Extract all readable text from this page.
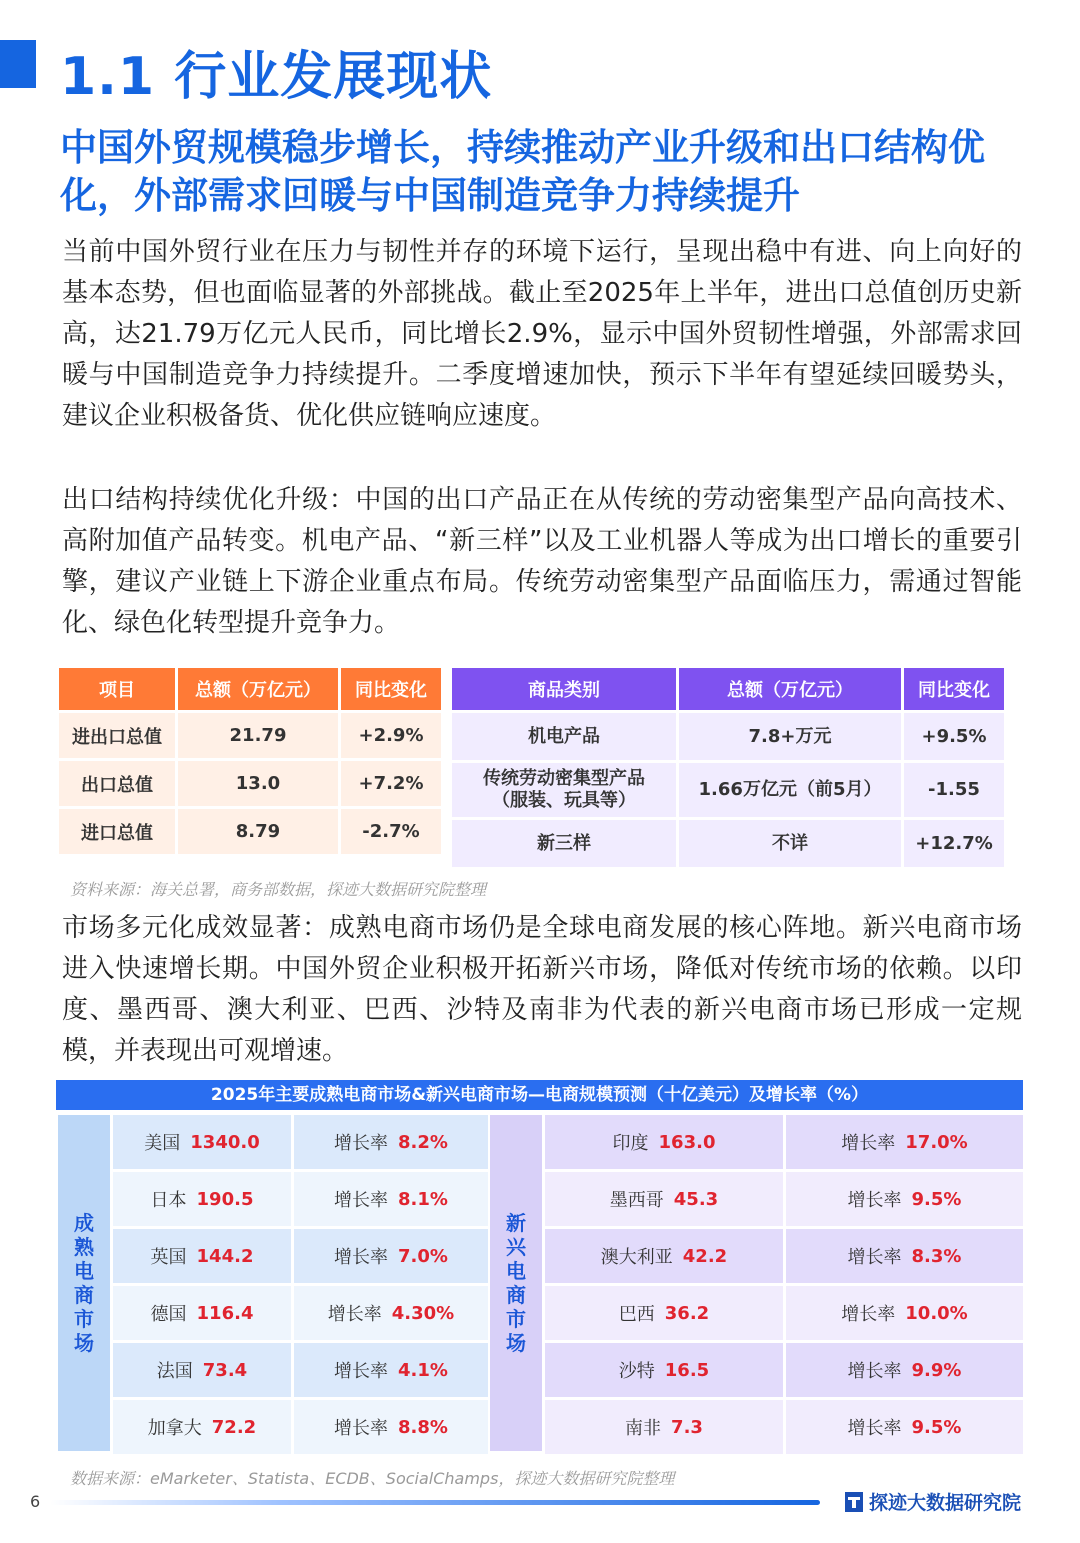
1.1 行业发展现状
中国外贸规模稳步增长，持续推动产业升级和出口结构优化，外部需求回暖与中国制造竞争力持续提升

当前中国外贸行业在压力与韧性并存的环境下运行，呈现出稳中有进、向上向好的基本态势，但也面临显著的外部挑战。截止至2025年上半年，进出口总值创历史新高，达21.79万亿元人民币，同比增长2.9%，显示中国外贸韧性增强，外部需求回暖与中国制造竞争力持续提升。二季度增速加快，预示下半年有望延续回暖势头，建议企业积极备货、优化供应链响应速度。

出口结构持续优化升级：中国的出口产品正在从传统的劳动密集型产品向高技术、高附加值产品转变。机电产品、“新三样”以及工业机器人等成为出口增长的重要引擎，建议产业链上下游企业重点布局。传统劳动密集型产品面临压力，需通过智能化、绿色化转型提升竞争力。

项目	总额（万亿元）	同比变化
进出口总值	21.79	+2.9%
出口总值	13.0	+7.2%
进口总值	8.79	-2.7%
商品类别	总额（万亿元）	同比变化
机电产品	7.8+万元	+9.5%
传统劳动密集型产品
（服装、玩具等）	1.66万亿元（前5月）	-1.55
新三样	不详	+12.7%
资料来源：海关总署，商务部数据，探迹大数据研究院整理

市场多元化成效显著：成熟电商市场仍是全球电商发展的核心阵地。新兴电商市场进入快速增长期。中国外贸企业积极开拓新兴市场，降低对传统市场的依赖。以印度、墨西哥、澳大利亚、巴西、沙特及南非为代表的新兴电商市场已形成一定规模，并表现出可观增速。

2025年主要成熟电商市场&新兴电商市场—电商规模预测（十亿美元）及增长率（%）
成
熟
电
商
市
场
新
兴
电
商
市
场
美国 1340.0	增长率 8.2%
日本 190.5	增长率 8.1%
英国 144.2	增长率 7.0%
德国 116.4	增长率 4.30%
法国 73.4	增长率 4.1%
加拿大 72.2	增长率 8.8%
印度 163.0	增长率 17.0%
墨西哥 45.3	增长率 9.5%
澳大利亚 42.2	增长率 8.3%
巴西 36.2	增长率 10.0%
沙特 16.5	增长率 9.9%
南非 7.3	增长率 9.5%
数据来源：eMarketer、Statista、ECDB、SocialChamps，探迹大数据研究院整理
6	探迹大数据研究院
